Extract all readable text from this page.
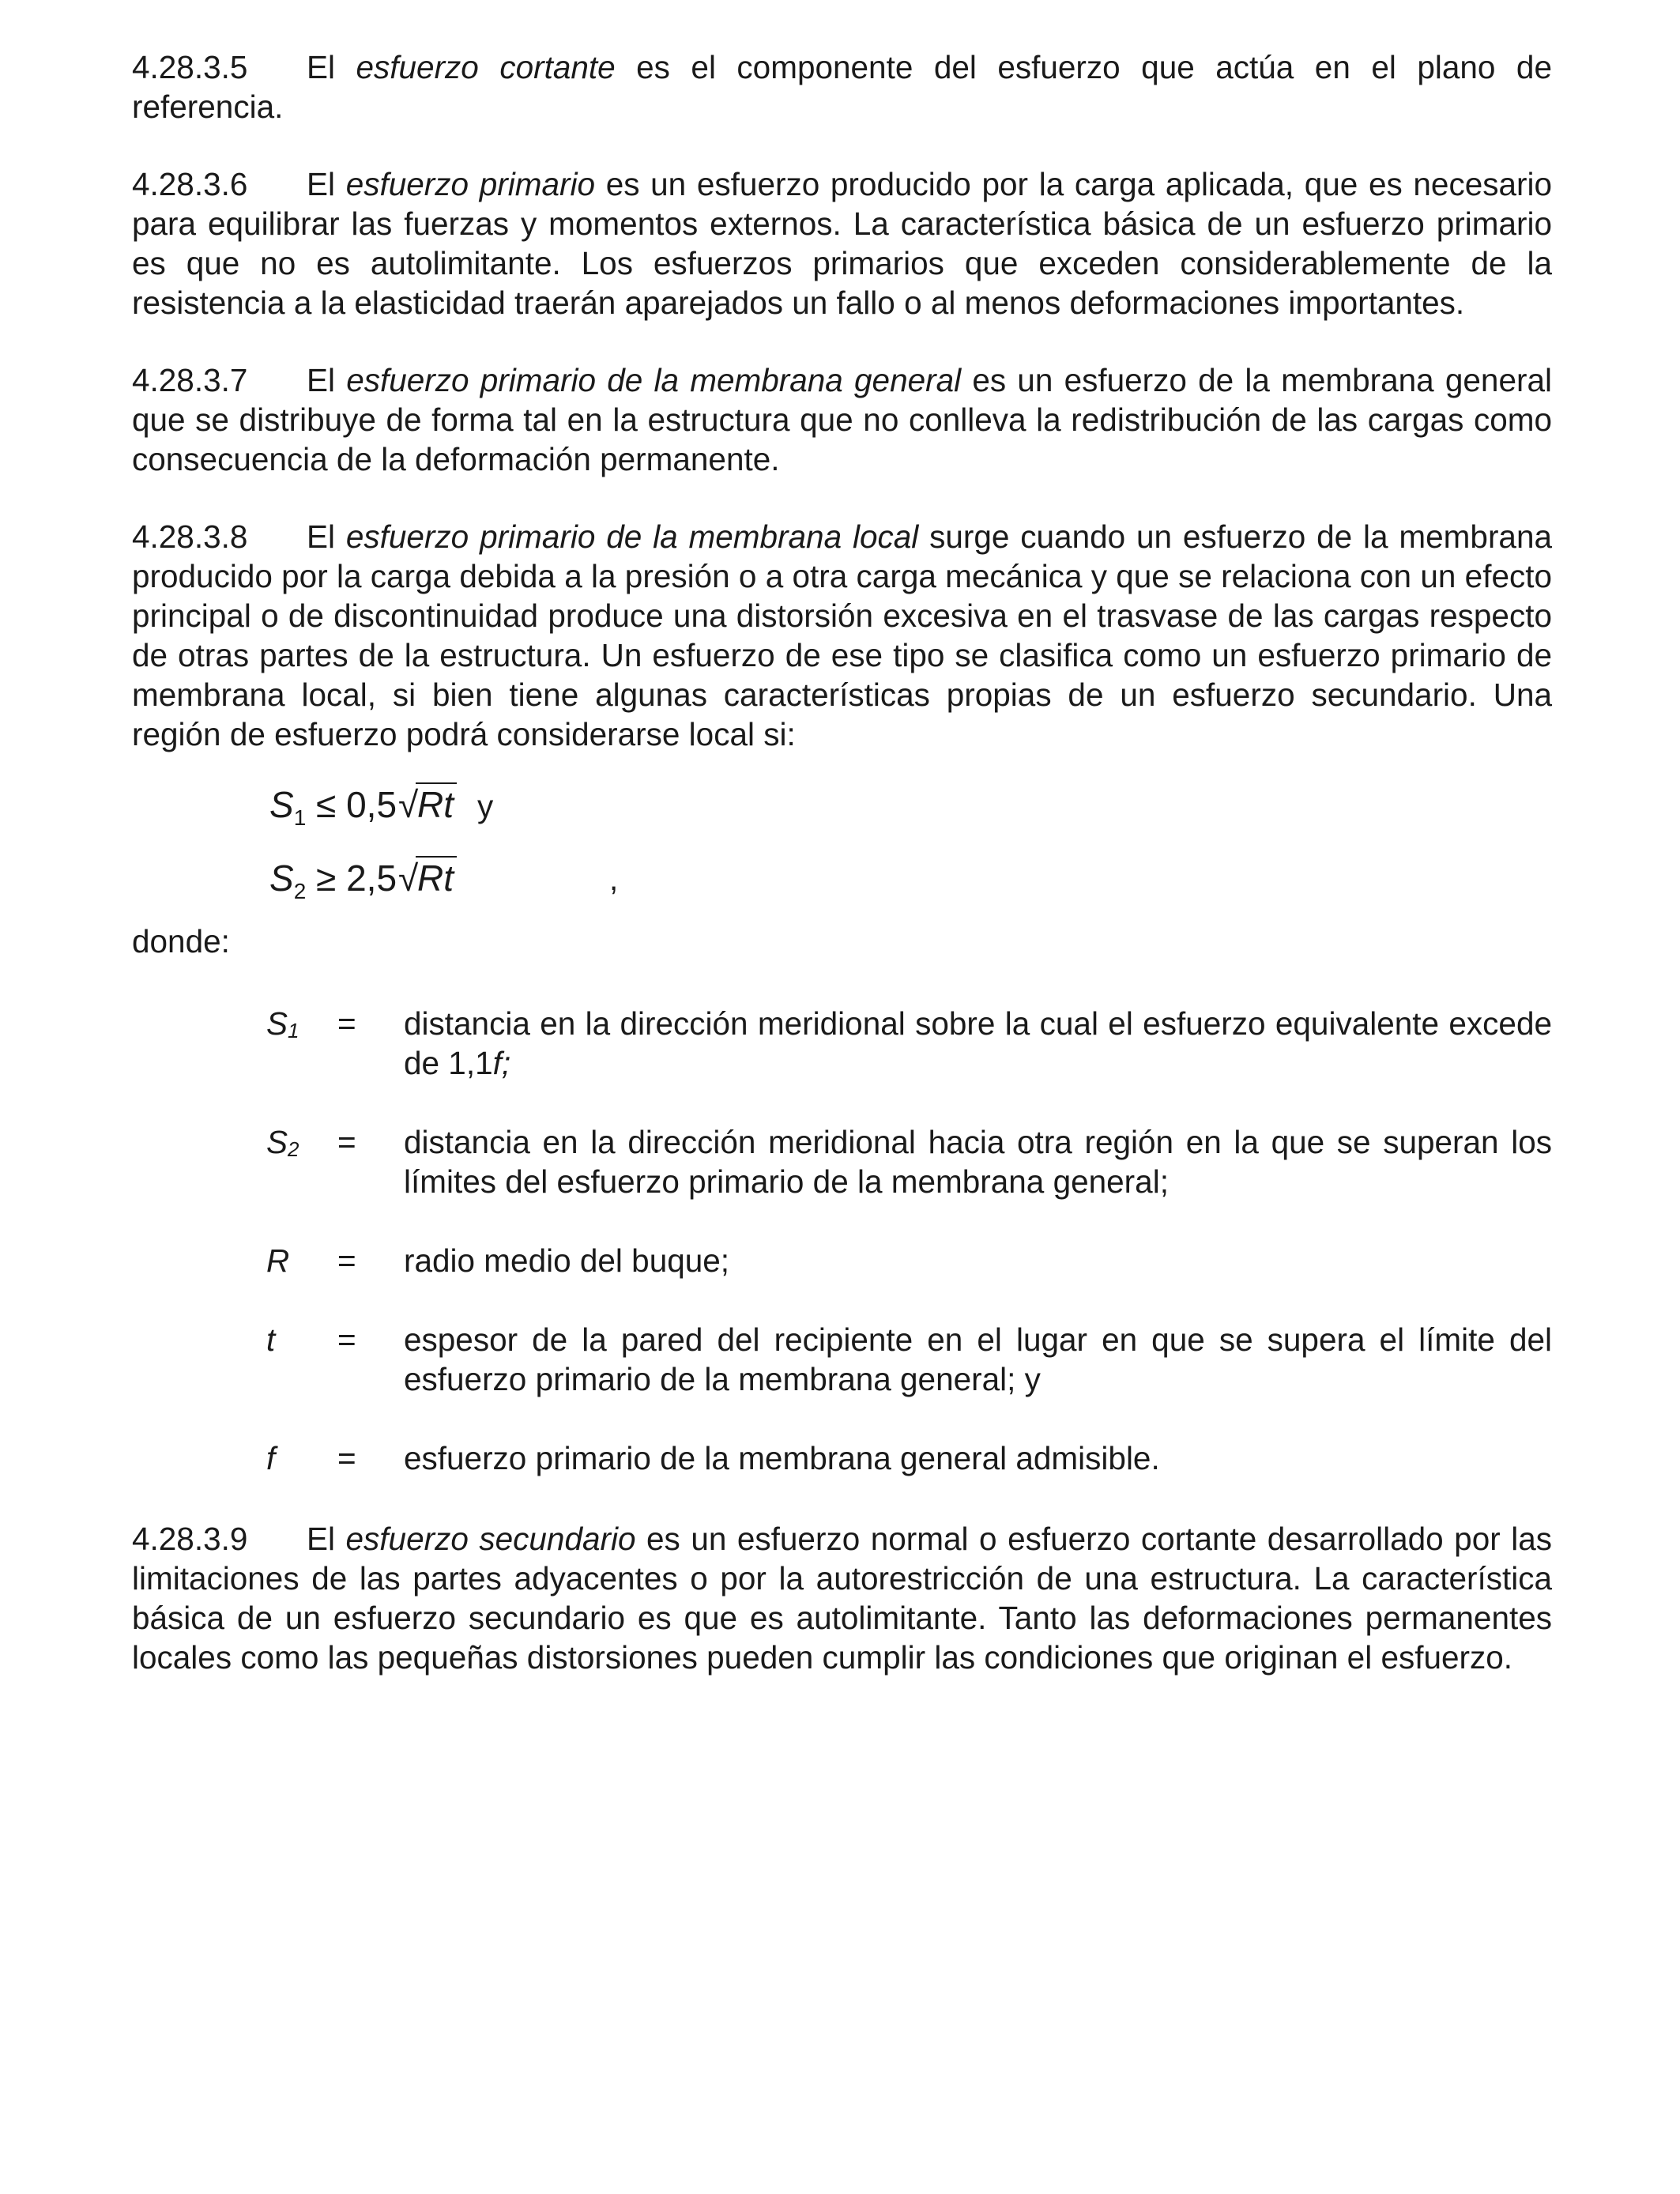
4.28.3.5 El esfuerzo cortante es el componente del esfuerzo que actúa en el plano de referencia.

4.28.3.6 El esfuerzo primario es un esfuerzo producido por la carga aplicada, que es necesario para equilibrar las fuerzas y momentos externos. La característica básica de un esfuerzo primario es que no es autolimitante. Los esfuerzos primarios que exceden considerablemente de la resistencia a la elasticidad traerán aparejados un fallo o al menos deformaciones importantes.

4.28.3.7 El esfuerzo primario de la membrana general es un esfuerzo de la membrana general que se distribuye de forma tal en la estructura que no conlleva la redistribución de las cargas como consecuencia de la deformación permanente.

4.28.3.8 El esfuerzo primario de la membrana local surge cuando un esfuerzo de la membrana producido por la carga debida a la presión o a otra carga mecánica y que se relaciona con un efecto principal o de discontinuidad produce una distorsión excesiva en el trasvase de las cargas respecto de otras partes de la estructura. Un esfuerzo de ese tipo se clasifica como un esfuerzo primario de membrana local, si bien tiene algunas características propias de un esfuerzo secundario. Una región de esfuerzo podrá considerarse local si:

$S_1 \le 0,5$ √
Rt y
$S_2 \ge 2,5$ √
Rt	,

donde:

$S_1$	=	distancia en la dirección meridional sobre la cual el esfuerzo equivalente excede de 1,1f;
$S_2$	=	distancia en la dirección meridional hacia otra región en la que se superan los límites del esfuerzo primario de la membrana general;
R	=	radio medio del buque;
t	=	espesor de la pared del recipiente en el lugar en que se supera el límite del esfuerzo primario de la membrana general; y
f	=	esfuerzo primario de la membrana general admisible.

4.28.3.9 El esfuerzo secundario es un esfuerzo normal o esfuerzo cortante desarrollado por las limitaciones de las partes adyacentes o por la autorestricción de una estructura. La característica básica de un esfuerzo secundario es que es autolimitante. Tanto las deformaciones permanentes locales como las pequeñas distorsiones pueden cumplir las condiciones que originan el esfuerzo.
